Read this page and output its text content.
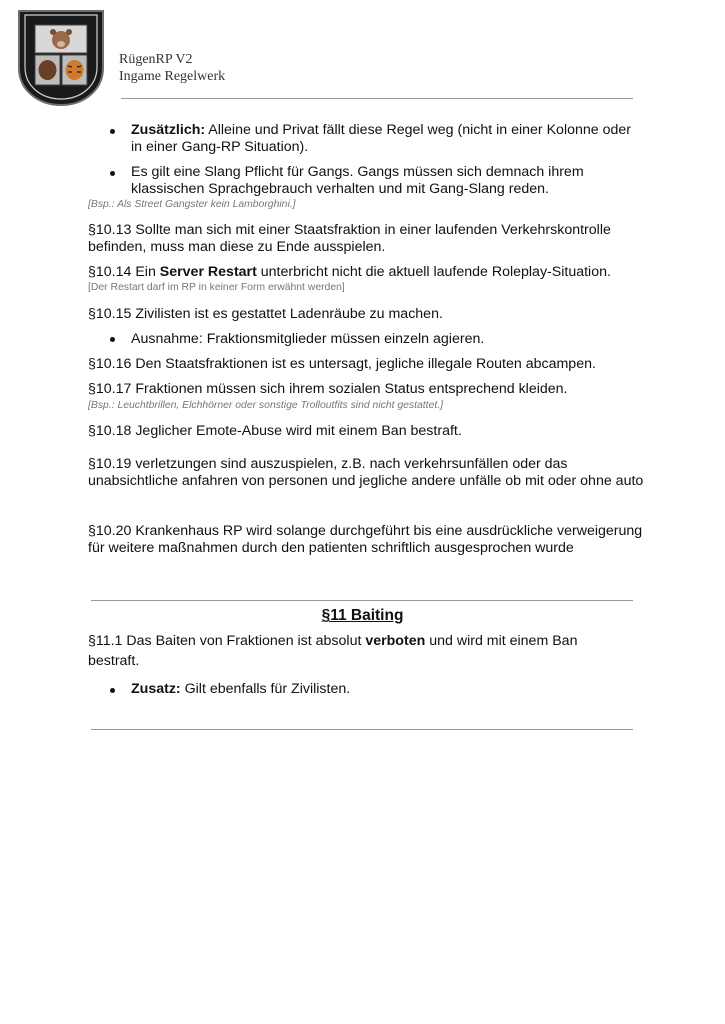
RügenRP V2
Ingame Regelwerk
Zusätzlich: Alleine und Privat fällt diese Regel weg (nicht in einer Kolonne oder in einer Gang-RP Situation).
Es gilt eine Slang Pflicht für Gangs. Gangs müssen sich demnach ihrem klassischen Sprachgebrauch verhalten und mit Gang-Slang reden.
[Bsp.: Als Street Gangster kein Lamborghini.]
§10.13 Sollte man sich mit einer Staatsfraktion in einer laufenden Verkehrskontrolle befinden, muss man diese zu Ende ausspielen.
§10.14 Ein Server Restart unterbricht nicht die aktuell laufende Roleplay-Situation.
[Der Restart darf im RP in keiner Form erwähnt werden]
§10.15 Zivilisten ist es gestattet Ladenräube zu machen.
Ausnahme: Fraktionsmitglieder müssen einzeln agieren.
§10.16 Den Staatsfraktionen ist es untersagt, jegliche illegale Routen abcampen.
§10.17 Fraktionen müssen sich ihrem sozialen Status entsprechend kleiden.
[Bsp.: Leuchtbrillen, Elchhörner oder sonstige Trolloutfits sind nicht gestattet.]
§10.18 Jeglicher Emote-Abuse wird mit einem Ban bestraft.
§10.19 verletzungen sind auszuspielen, z.B. nach verkehrsunfällen oder das unabsichtliche anfahren von personen und jegliche andere unfälle ob mit oder ohne auto
§10.20 Krankenhaus RP wird solange durchgeführt bis eine ausdrückliche verweigerung für weitere maßnahmen durch den patienten schriftlich ausgesprochen wurde
§11 Baiting
§11.1 Das Baiten von Fraktionen ist absolut verboten und wird mit einem Ban bestraft.
Zusatz: Gilt ebenfalls für Zivilisten.
